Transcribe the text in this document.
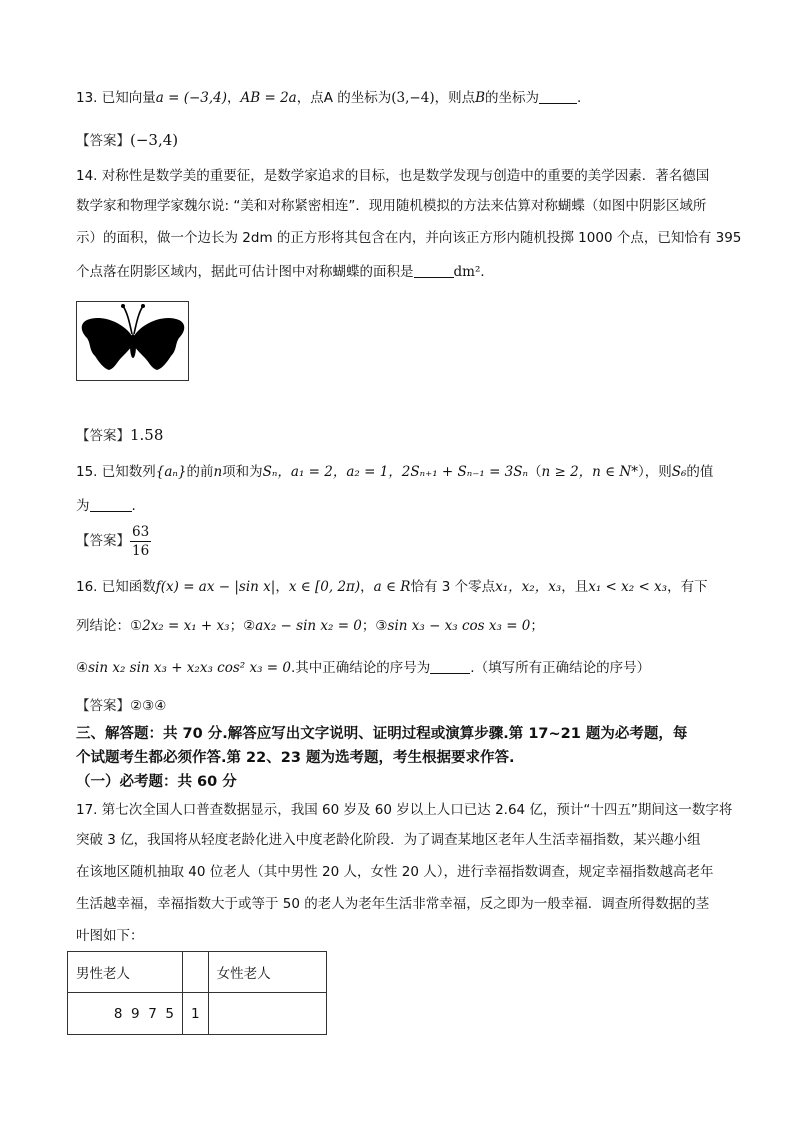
13. 已知向量a = (−3,4)，AB = 2a，点A 的坐标为(3,−4)，则点B的坐标为	.
【答案】(−3,4)
14. 对称性是数学美的重要征，是数学家追求的目标，也是数学发现与创造中的重要的美学因素．著名德国
数学家和物理学家魏尔说: “美和对称紧密相连”．现用随机模拟的方法来估算对称蝴蝶（如图中阴影区域所
示）的面积，做一个边长为 2dm 的正方形将其包含在内，并向该正方形内随机投掷 1000 个点，已知恰有 395
个点落在阴影区域内，据此可估计图中对称蝴蝶的面积是	dm²．
【答案】1.58
15. 已知数列{aₙ}的前n项和为Sₙ，a₁ = 2，a₂ = 1，2Sₙ₊₁ + Sₙ₋₁ = 3Sₙ（n ≥ 2，n ∈ N*），则S₆的值
为	.
【答案】 $\frac{63}{16}$
16. 已知函数f(x) = ax − |sin x|，x ∈ [0, 2π)，a ∈ R恰有 3 个零点x₁，x₂，x₃，且x₁ < x₂ < x₃，有下
列结论：①2x₂ = x₁ + x₃；②ax₂ − sin x₂ = 0；③sin x₃ − x₃ cos x₃ = 0；
④sin x₂ sin x₃ + x₂x₃ cos² x₃ = 0.其中正确结论的序号为	.（填写所有正确结论的序号）
【答案】②③④
三、解答题：共 70 分.解答应写出文字说明、证明过程或演算步骤.第 17~21 题为必考题，每
个试题考生都必须作答.第 22、23 题为选考题，考生根据要求作答.
（一）必考题：共 60 分
17. 第七次全国人口普查数据显示，我国 60 岁及 60 岁以上人口已达 2.64 亿，预计“十四五”期间这一数字将
突破 3 亿，我国将从轻度老龄化进入中度老龄化阶段．为了调查某地区老年人生活幸福指数，某兴趣小组
在该地区随机抽取 40 位老人（其中男性 20 人，女性 20 人），进行幸福指数调查，规定幸福指数越高老年
生活越幸福，幸福指数大于或等于 50 的老人为老年生活非常幸福，反之即为一般幸福．调查所得数据的茎
叶图如下：
男性老人		女性老人
8  9  7  5	1	
